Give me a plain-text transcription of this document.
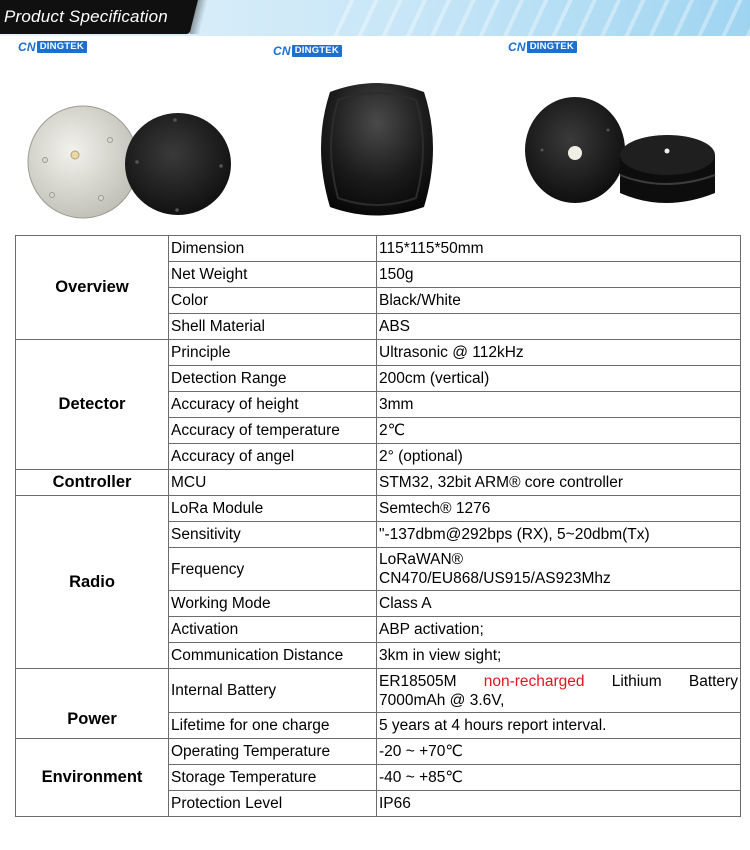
Product Specification
CN DINGTEK	CN DINGTEK	CN DINGTEK
Overview	Dimension	115*115*50mm
	Net Weight	150g
	Color	Black/White
	Shell Material	ABS
Detector	Principle	Ultrasonic @ 112kHz
	Detection Range	200cm (vertical)
	Accuracy of height	3mm
	Accuracy of temperature	2℃
	Accuracy of angel	2° (optional)
Controller	MCU	STM32, 32bit ARM® core controller
Radio	LoRa Module	Semtech® 1276
	Sensitivity	"-137dbm@292bps (RX), 5~20dbm(Tx)
	Frequency	LoRaWAN®
CN470/EU868/US915/AS923Mhz

	Working Mode	Class A
	Activation	ABP activation;
	Communication Distance	3km in view sight;
Power	Internal Battery	ER18505M non-recharged Lithium Battery
7000mAh @ 3.6V,

	Lifetime for one charge	5 years at 4 hours report interval.
Environment	Operating Temperature	-20 ~ +70℃
	Storage Temperature	-40 ~ +85℃
	Protection Level	IP66
